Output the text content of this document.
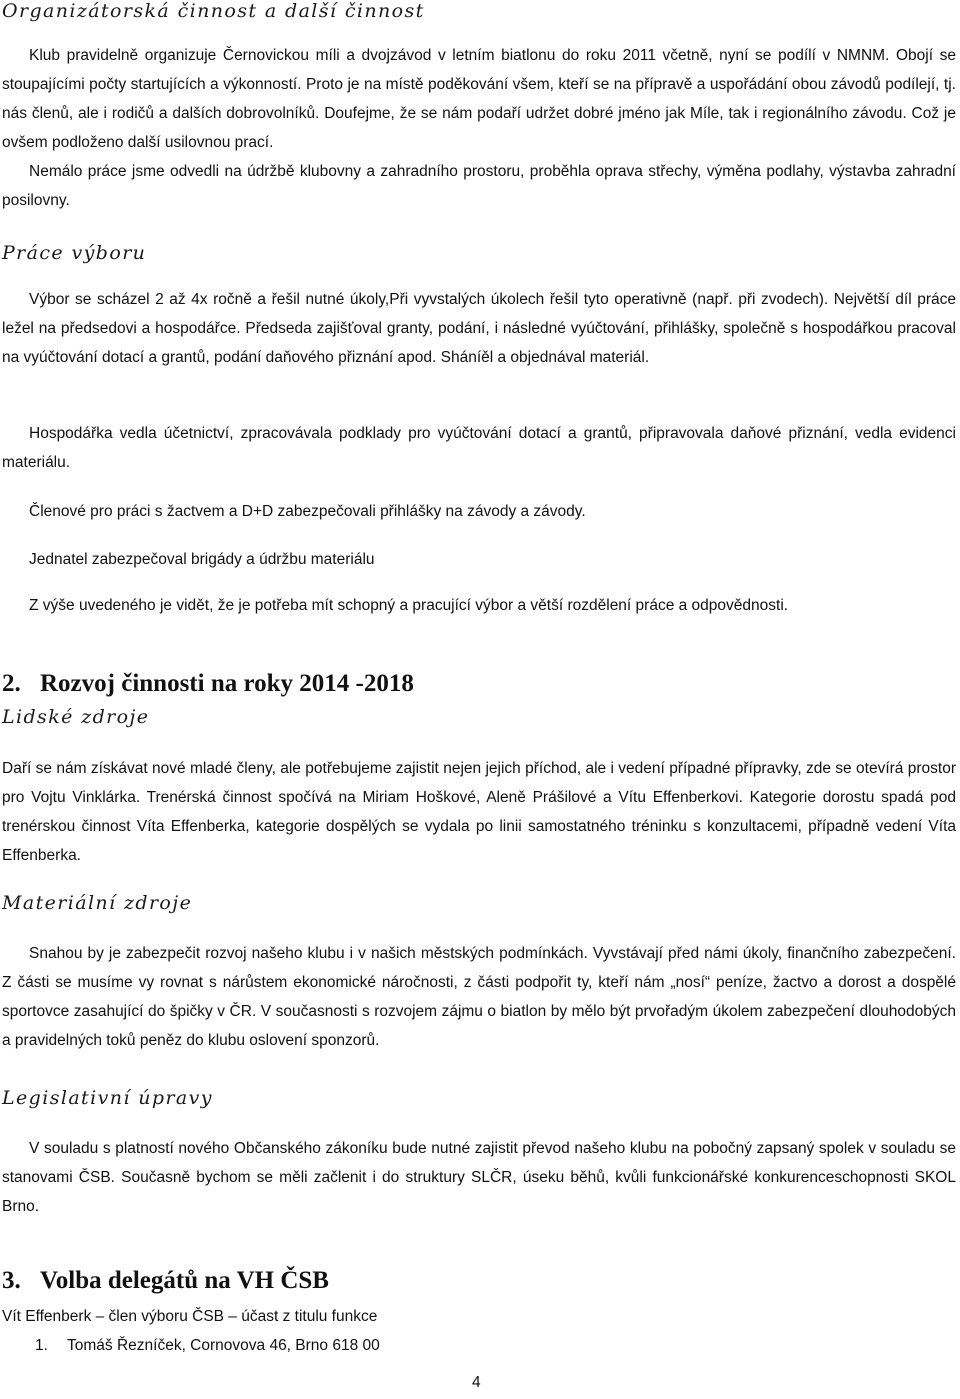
Organizátorská činnost a další činnost

Klub pravidelně organizuje Černovickou míli a dvojzávod v letním biatlonu do roku 2011 včetně, nyní se podílí v NMNM. Obojí se stoupajícími počty startujících a výkonností. Proto je na místě poděkování všem, kteří se na přípravě a uspořádání obou závodů podílejí, tj. nás členů, ale i rodičů a dalších dobrovolníků. Doufejme, že se nám podaří udržet dobré jméno jak Míle, tak i regionálního závodu. Což je ovšem podloženo další usilovnou prací.

Nemálo práce jsme odvedli na údržbě klubovny a zahradního prostoru, proběhla oprava střechy, výměna podlahy, výstavba zahradní posilovny.

Práce výboru

Výbor se scházel 2 až 4x ročně a řešil nutné úkoly,Při vyvstalých úkolech řešil tyto operativně (např. při zvodech). Největší díl práce ležel na předsedovi a hospodářce. Předseda zajišťoval granty, podání, i následné vyúčtování, přihlášky, společně s hospodářkou pracoval na vyúčtování dotací a grantů, podání daňového přiznání apod. Sháníěl a objednával materiál.

Hospodářka vedla účetnictví, zpracovávala podklady pro vyúčtování dotací a grantů, připravovala daňové přiznání, vedla evidenci materiálu.

Členové pro práci s žactvem a D+D zabezpečovali přihlášky na závody a závody.

Jednatel zabezpečoval brigády a údržbu materiálu

Z výše uvedeného je vidět, že je potřeba mít schopný a pracující výbor a větší rozdělení práce a odpovědnosti.

2. Rozvoj činnosti na roky 2014 -2018
Lidské zdroje

Daří se nám získávat nové mladé členy, ale potřebujeme zajistit nejen jejich příchod, ale i vedení případné přípravky, zde se otevírá prostor pro Vojtu Vinklárka. Trenérská činnost spočívá na Miriam Hoškové, Aleně Prášilové a Vítu Effenberkovi. Kategorie dorostu spadá pod trenérskou činnost Víta Effenberka, kategorie dospělých se vydala po linii samostatného tréninku s konzultacemi, případně vedení Víta Effenberka.

Materiální zdroje

Snahou by je zabezpečit rozvoj našeho klubu i v našich městských podmínkách. Vyvstávají před námi úkoly, finančního zabezpečení. Z části se musíme vy rovnat s nárůstem ekonomické náročnosti, z části podpořit ty, kteří nám „nosí“ peníze, žactvo a dorost a dospělé sportovce zasahující do špičky v ČR. V současnosti s rozvojem zájmu o biatlon by mělo být prvořadým úkolem zabezpečení dlouhodobých a pravidelných toků peněz do klubu oslovení sponzorů.

Legislativní úpravy

V souladu s platností nového Občanského zákoníku bude nutné zajistit převod našeho klubu na pobočný zapsaný spolek v souladu se stanovami ČSB. Současně bychom se měli začlenit i do struktury SLČR, úseku běhů, kvůli funkcionářské konkurenceschopnosti SKOL Brno.

3. Volba delegátů na VH ČSB

Vít Effenberk – člen výboru ČSB – účast z titulu funkce

1. Tomáš Řezníček, Cornovova 46, Brno 618 00

4
